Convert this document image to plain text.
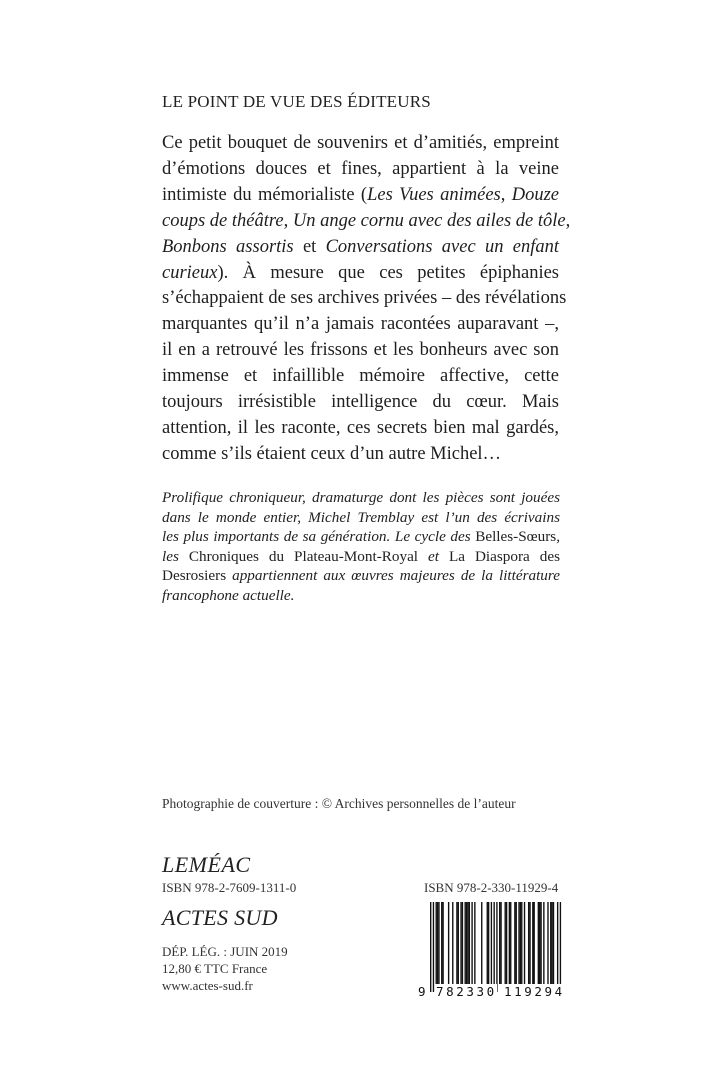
LE POINT DE VUE DES ÉDITEURS
Ce petit bouquet de souvenirs et d’amitiés, empreint
d’émotions douces et fines, appartient à la veine
intimiste du mémorialiste (Les Vues animées, Douze
coups de théâtre, Un ange cornu avec des ailes de tôle,
Bonbons assortis et Conversations avec un enfant
curieux). À mesure que ces petites épiphanies
s’échappaient de ses archives privées – des révélations
marquantes qu’il n’a jamais racontées auparavant –,
il en a retrouvé les frissons et les bonheurs avec son
immense et infaillible mémoire affective, cette
toujours irrésistible intelligence du cœur. Mais
attention, il les raconte, ces secrets bien mal gardés,
comme s’ils étaient ceux d’un autre Michel…
Prolifique chroniqueur, dramaturge dont les pièces sont jouées
dans le monde entier, Michel Tremblay est l’un des écrivains
les plus importants de sa génération. Le cycle des Belles-Sœurs,
les Chroniques du Plateau-Mont-Royal et La Diaspora des
Desrosiers appartiennent aux œuvres majeures de la littérature
francophone actuelle.
Photographie de couverture : © Archives personnelles de l’auteur
LEMÉAC
ISBN 978-2-7609-1311-0
ACTES SUD
DÉP. LÉG. : JUIN 2019
12,80 € TTC France
www.actes-sud.fr
ISBN 978-2-330-11929-4
9 782330 119294
